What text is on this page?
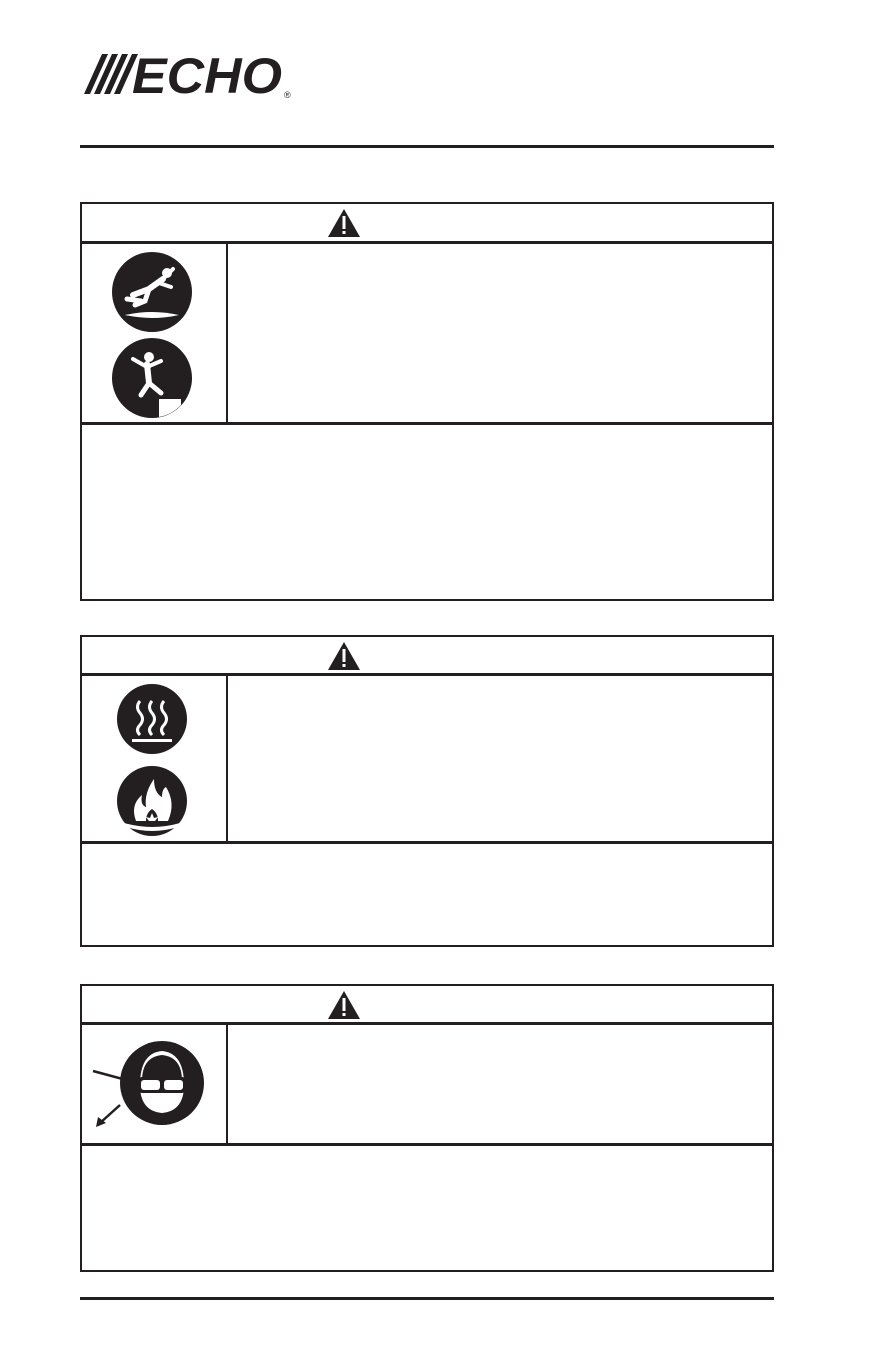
ECHO ®
